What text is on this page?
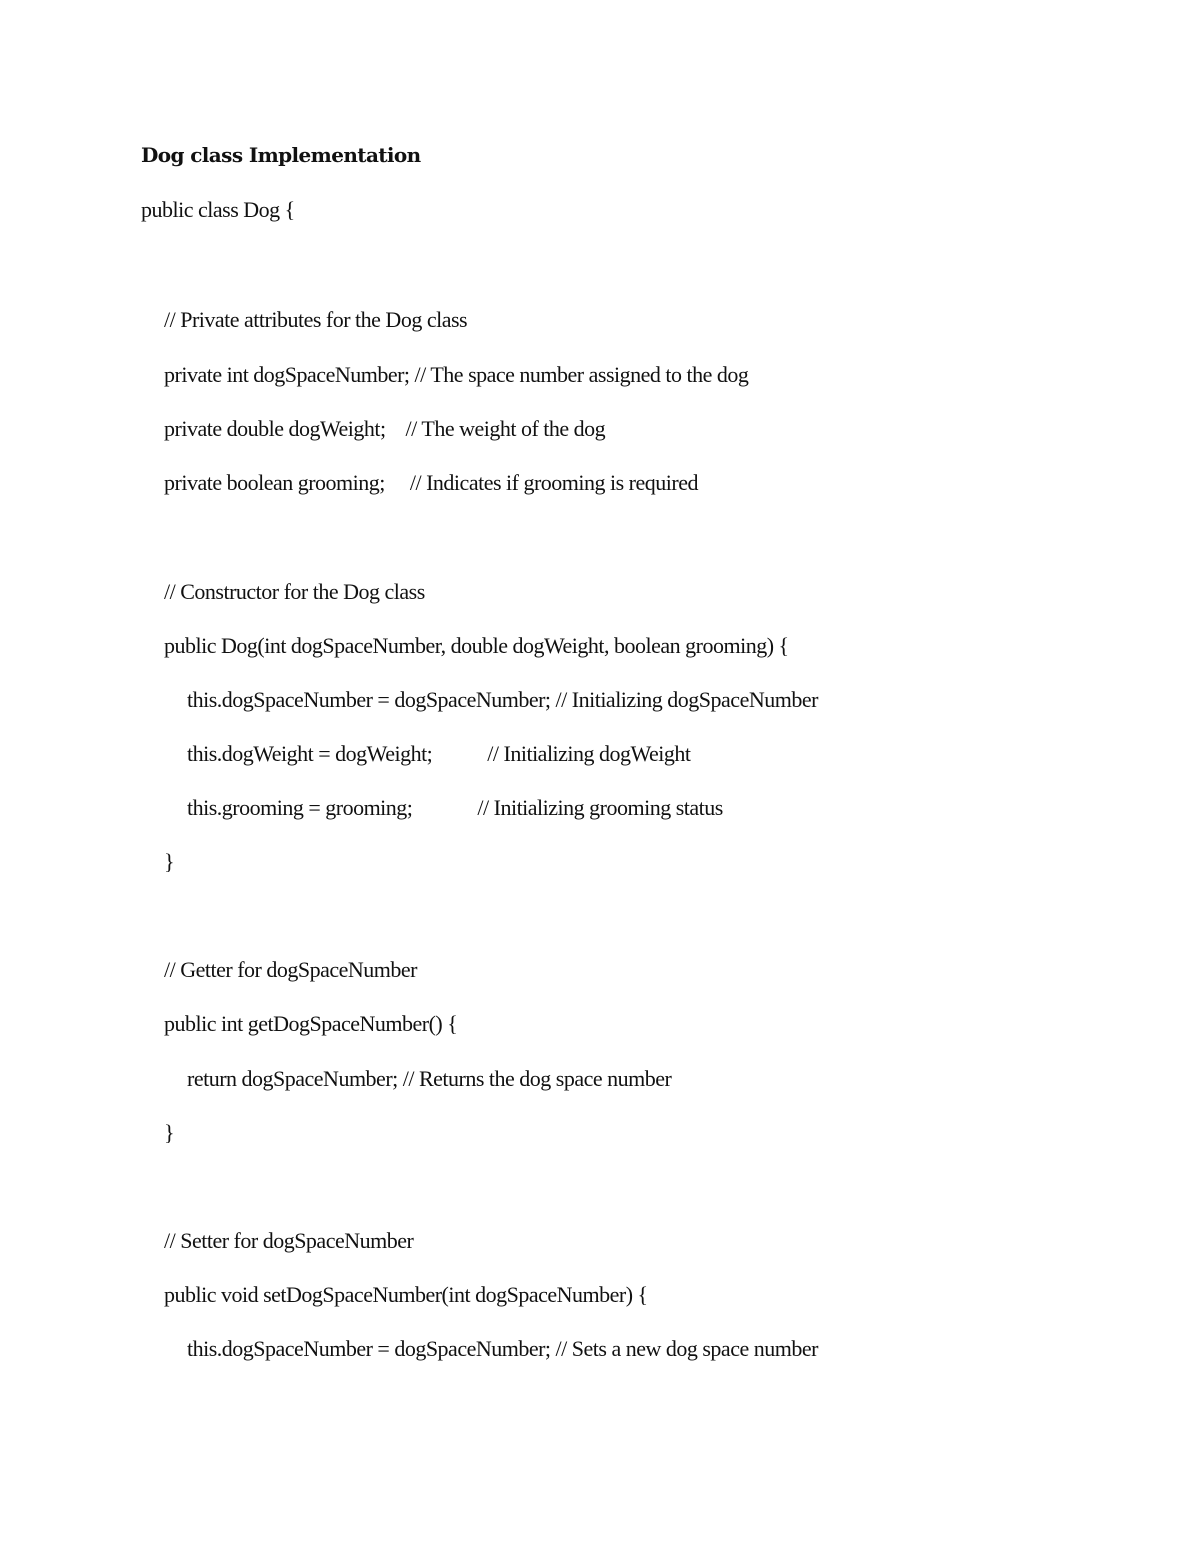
Dog class Implementation
public class Dog {
// Private attributes for the Dog class
private int dogSpaceNumber; // The space number assigned to the dog
private double dogWeight;    // The weight of the dog
private boolean grooming;     // Indicates if grooming is required
// Constructor for the Dog class
public Dog(int dogSpaceNumber, double dogWeight, boolean grooming) {
this.dogSpaceNumber = dogSpaceNumber; // Initializing dogSpaceNumber
this.dogWeight = dogWeight;           // Initializing dogWeight
this.grooming = grooming;             // Initializing grooming status
}
// Getter for dogSpaceNumber
public int getDogSpaceNumber() {
return dogSpaceNumber; // Returns the dog space number
}
// Setter for dogSpaceNumber
public void setDogSpaceNumber(int dogSpaceNumber) {
this.dogSpaceNumber = dogSpaceNumber; // Sets a new dog space number
